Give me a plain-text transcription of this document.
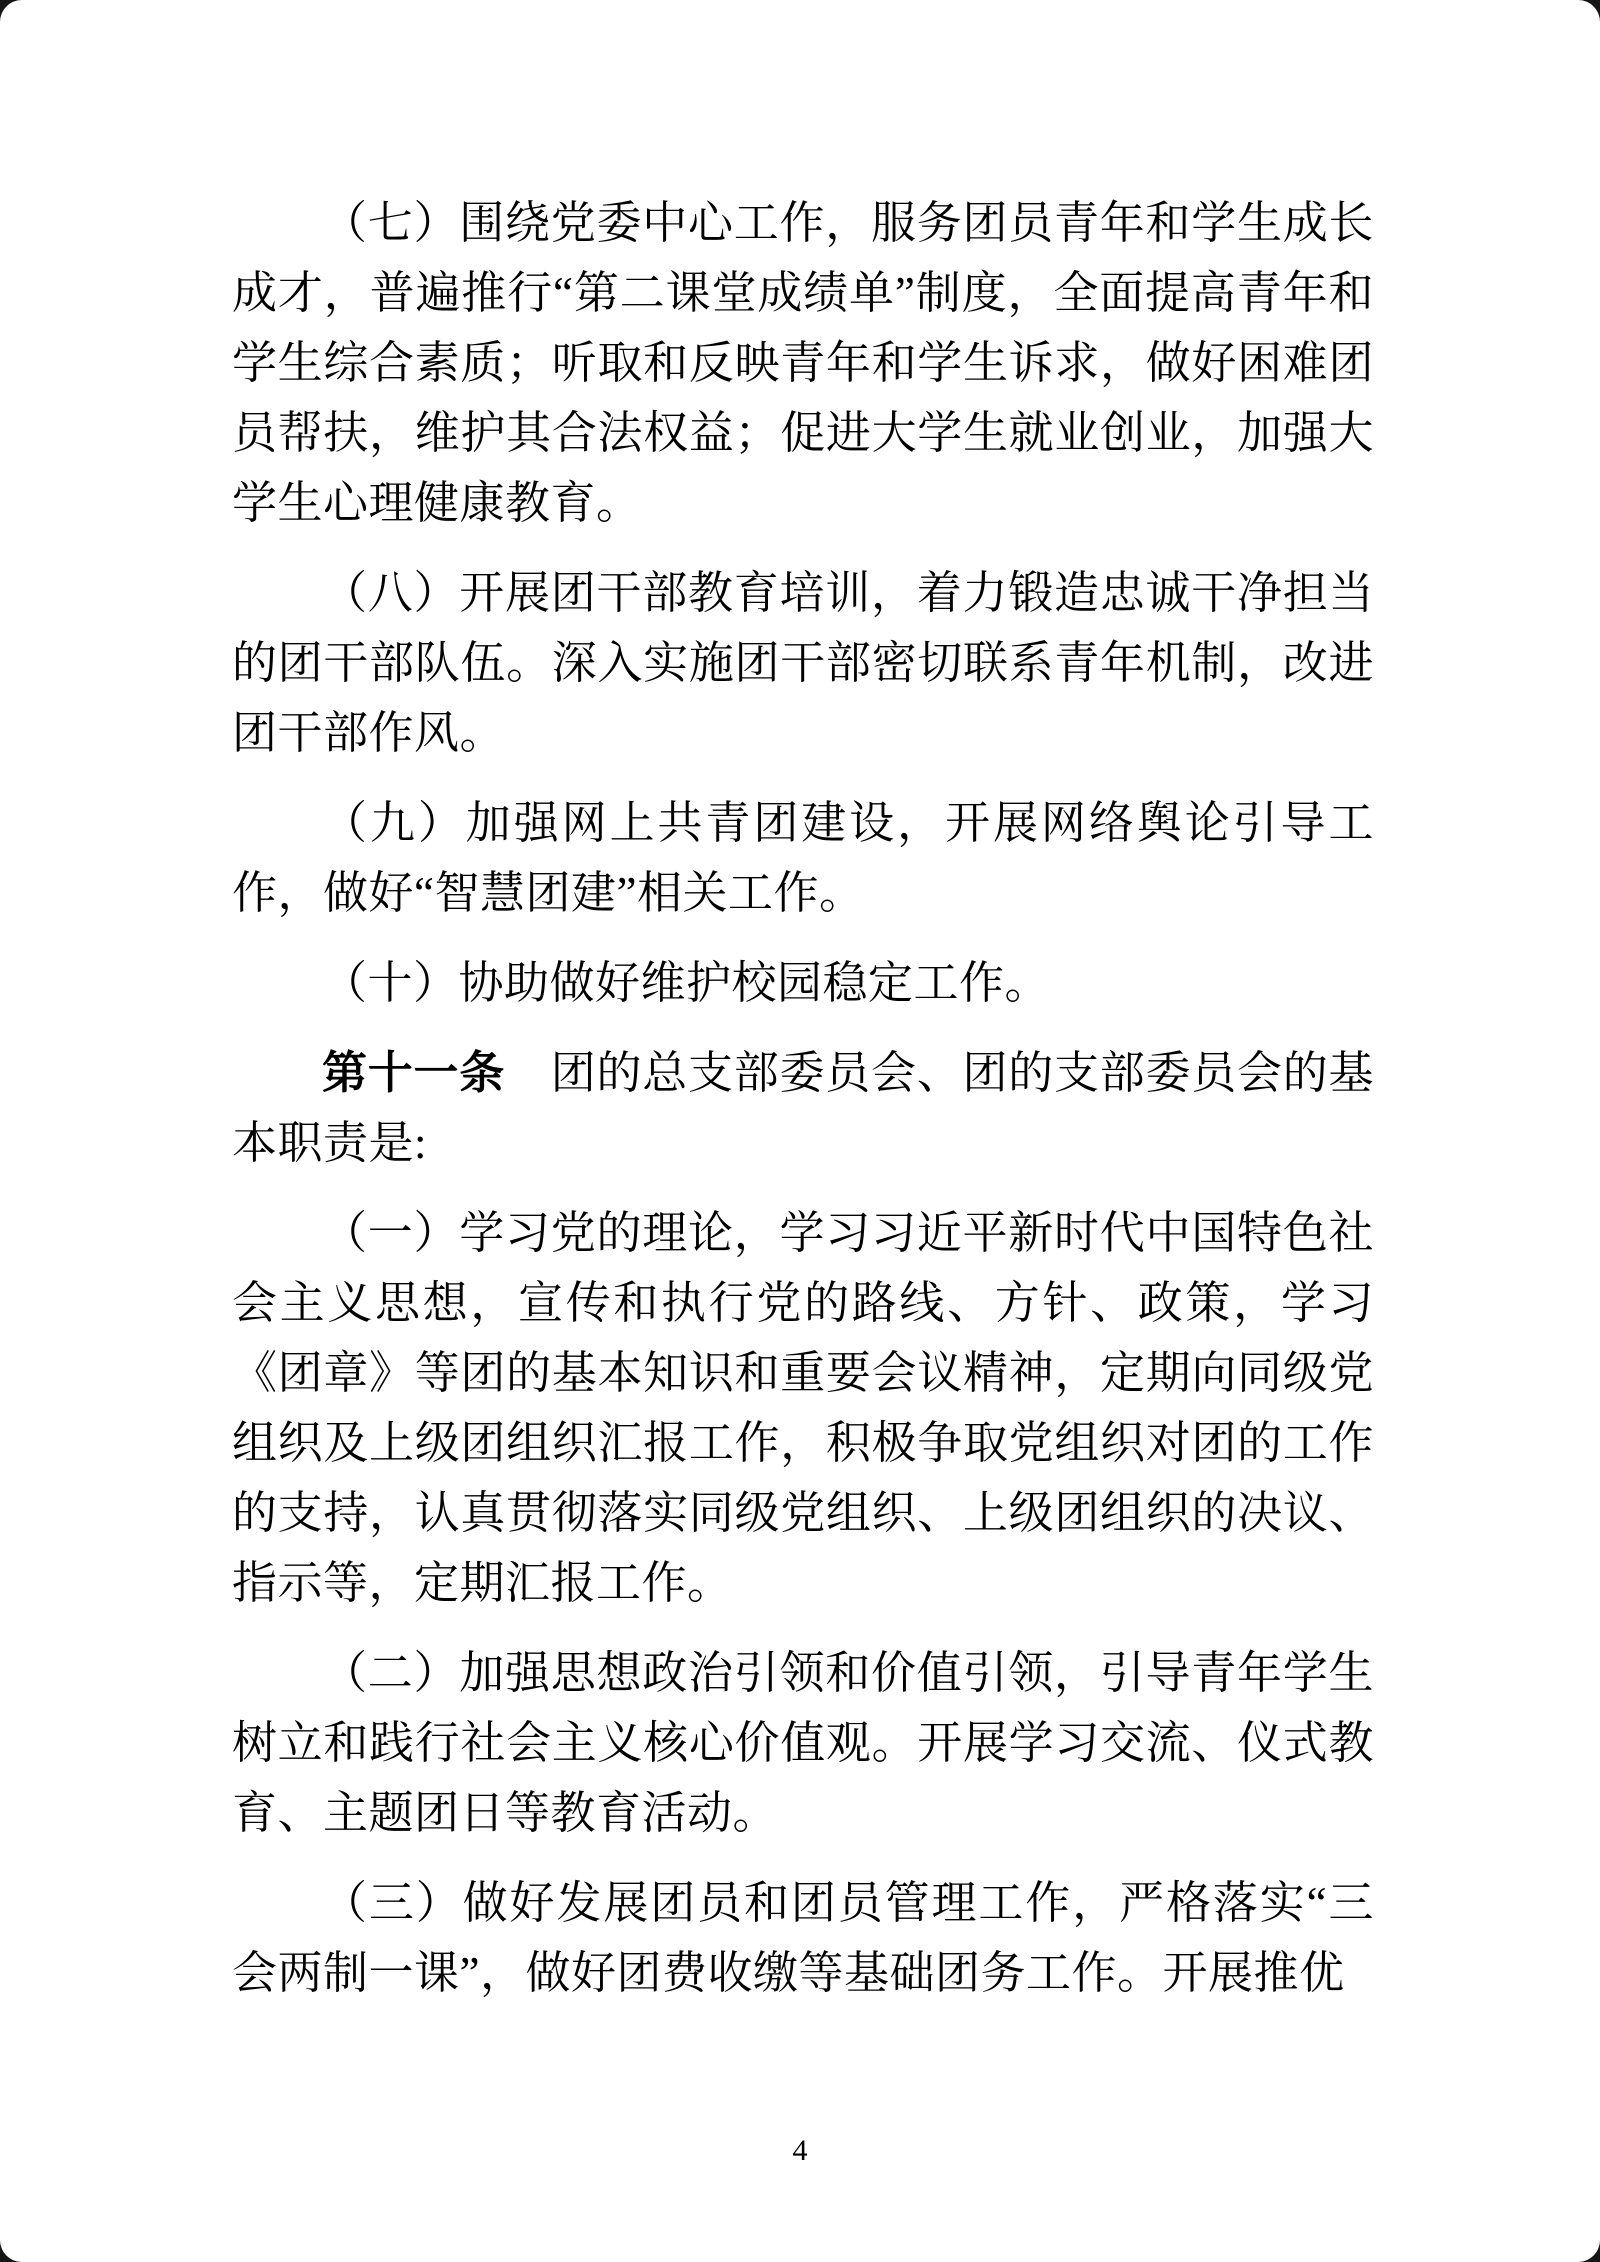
（七）围绕党委中心工作，服务团员青年和学生成长成才，普遍推行“第二课堂成绩单”制度，全面提高青年和学生综合素质；听取和反映青年和学生诉求，做好困难团员帮扶，维护其合法权益；促进大学生就业创业，加强大学生心理健康教育。

（八）开展团干部教育培训，着力锻造忠诚干净担当的团干部队伍。深入实施团干部密切联系青年机制，改进团干部作风。

（九）加强网上共青团建设，开展网络舆论引导工作，做好“智慧团建”相关工作。

（十）协助做好维护校园稳定工作。

第十一条　团的总支部委员会、团的支部委员会的基本职责是:

（一）学习党的理论，学习习近平新时代中国特色社会主义思想，宣传和执行党的路线、方针、政策，学习《团章》等团的基本知识和重要会议精神，定期向同级党组织及上级团组织汇报工作，积极争取党组织对团的工作的支持，认真贯彻落实同级党组织、上级团组织的决议、指示等，定期汇报工作。

（二）加强思想政治引领和价值引领，引导青年学生树立和践行社会主义核心价值观。开展学习交流、仪式教育、主题团日等教育活动。

（三）做好发展团员和团员管理工作，严格落实“三会两制一课”，做好团费收缴等基础团务工作。开展推优

4
